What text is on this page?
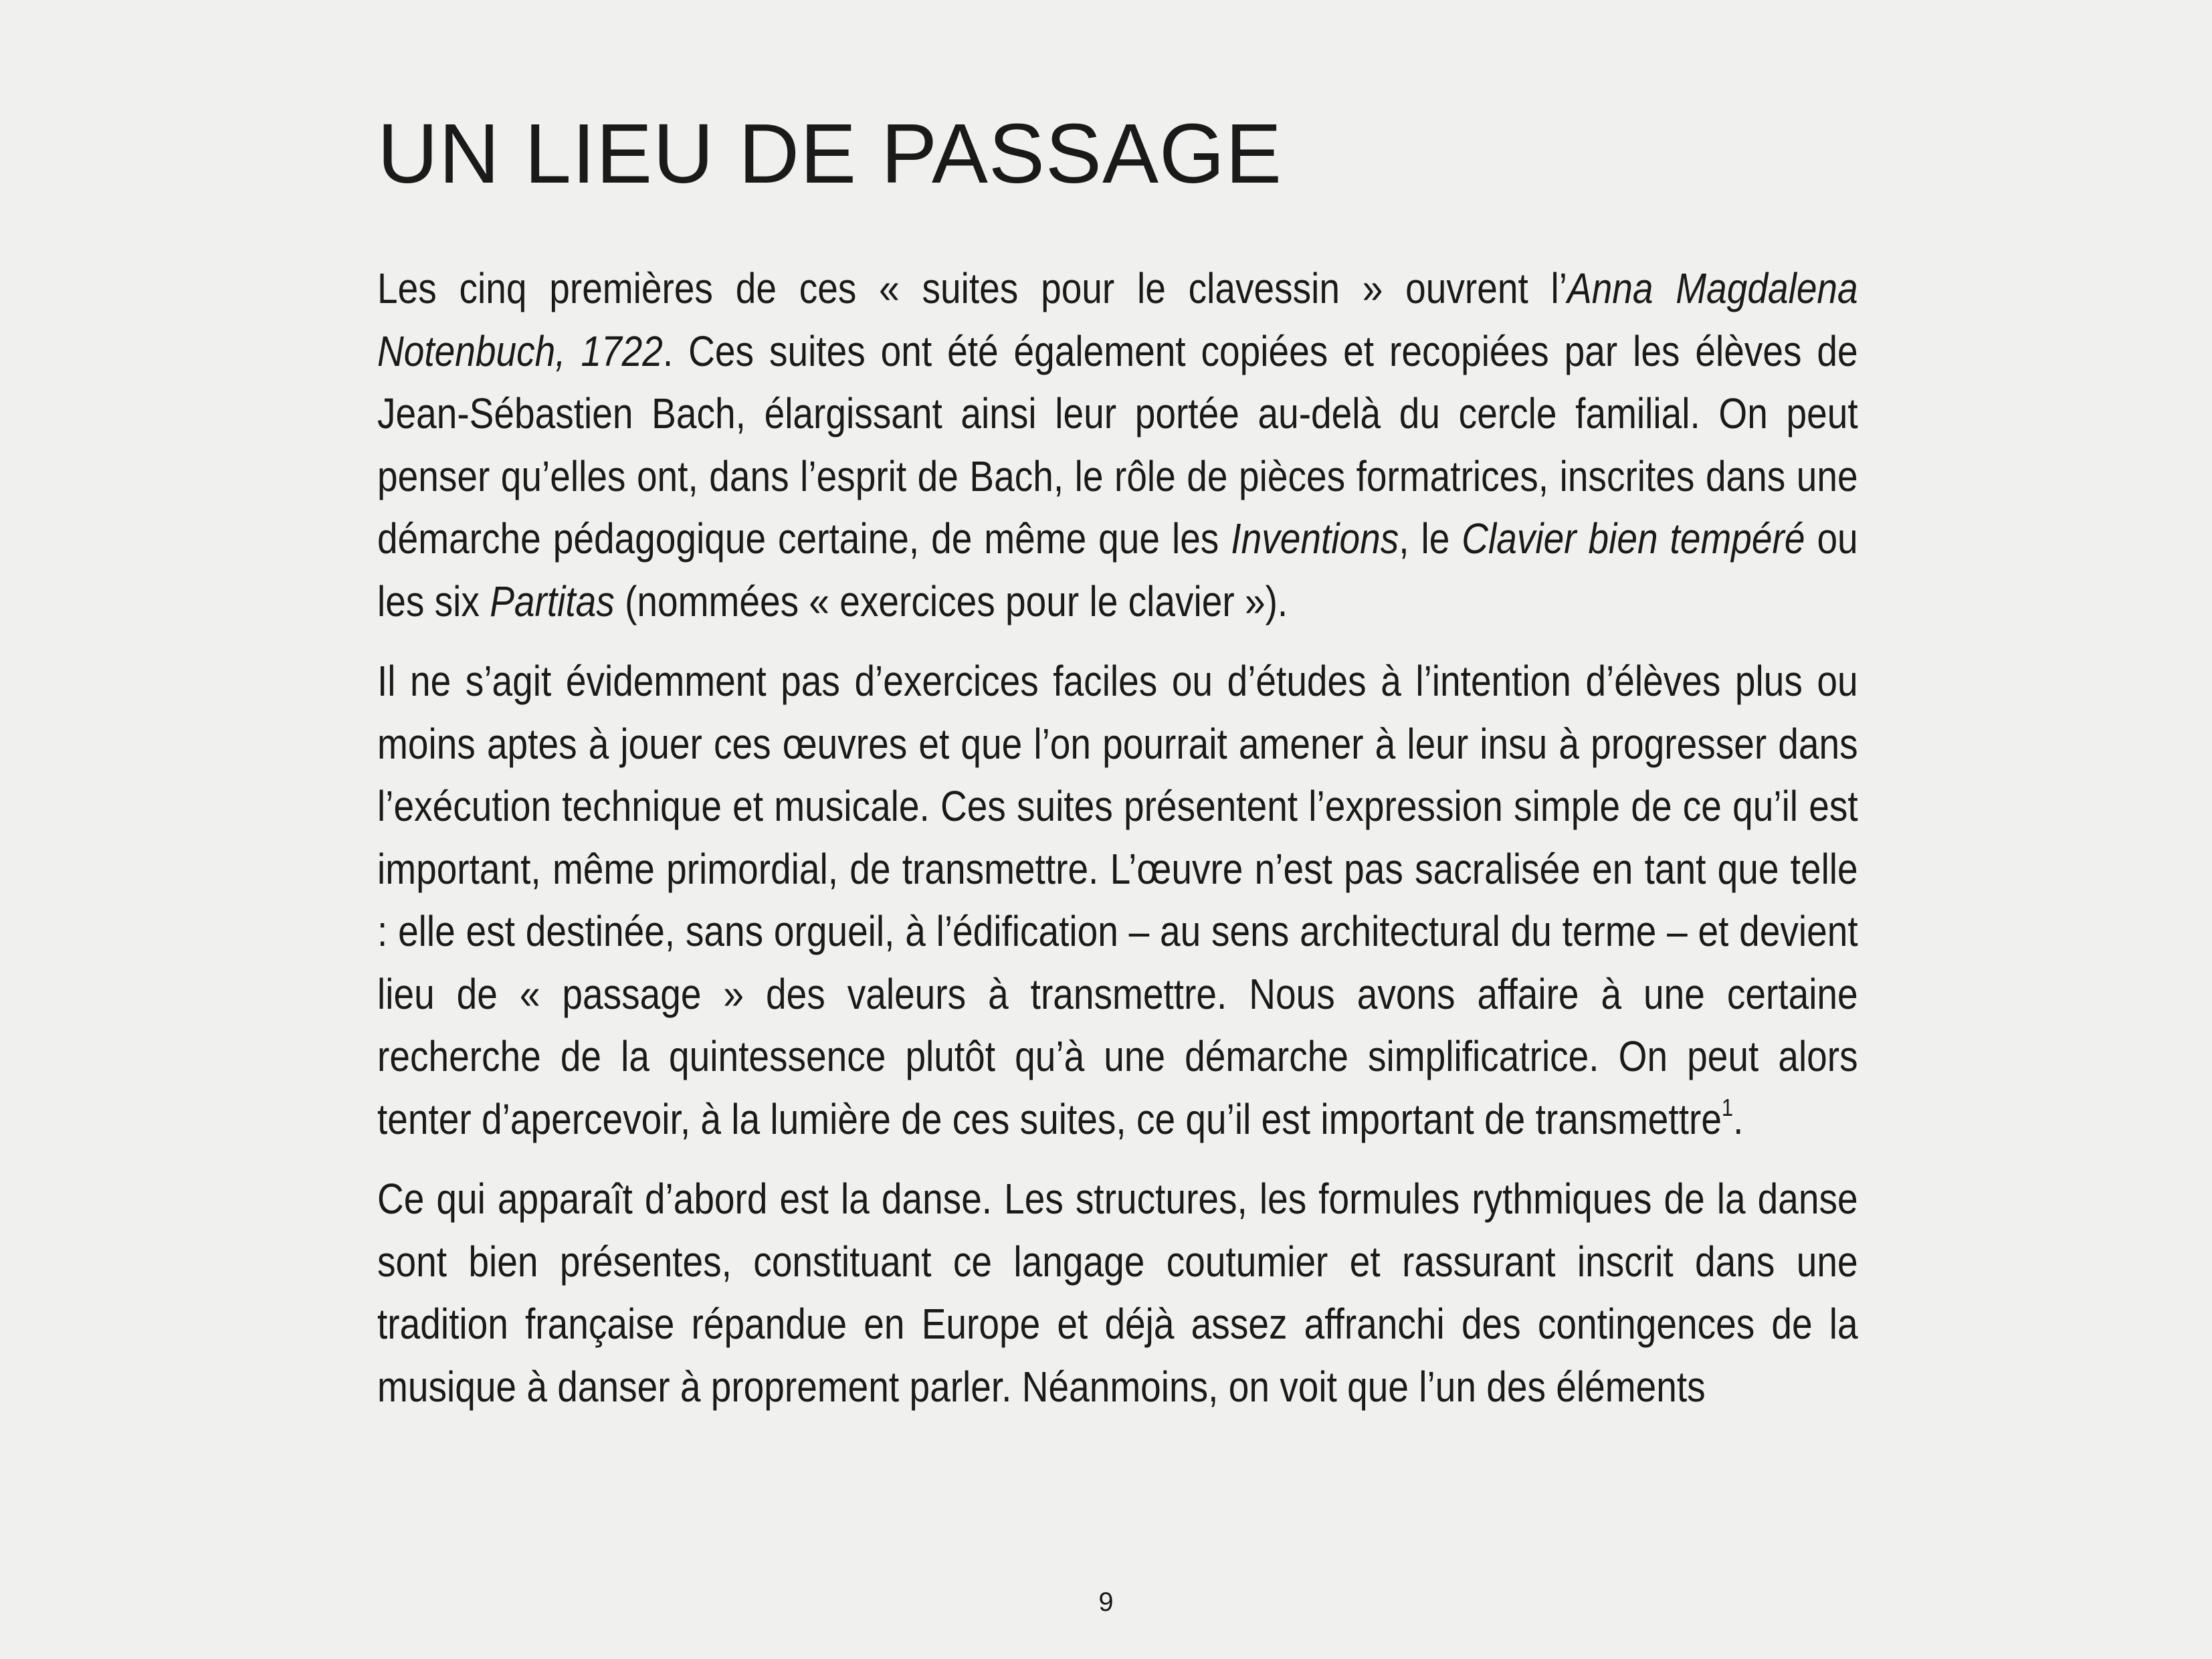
UN LIEU DE PASSAGE

Les cinq premières de ces « suites pour le clavessin » ouvrent l’Anna Magdalena Notenbuch, 1722. Ces suites ont été également copiées et recopiées par les élèves de Jean-Sébastien Bach, élargissant ainsi leur portée au-delà du cercle familial. On peut penser qu’elles ont, dans l’esprit de Bach, le rôle de pièces formatrices, inscrites dans une démarche pédagogique certaine, de même que les Inventions, le Clavier bien tempéré ou les six Partitas (nommées « exercices pour le clavier »).

Il ne s’agit évidemment pas d’exercices faciles ou d’études à l’intention d’élèves plus ou moins aptes à jouer ces œuvres et que l’on pourrait amener à leur insu à progresser dans l’exécution technique et musicale. Ces suites présentent l’expression simple de ce qu’il est important, même primordial, de transmettre. L’œuvre n’est pas sacralisée en tant que telle : elle est destinée, sans orgueil, à l’édification – au sens architectural du terme – et devient lieu de « passage » des valeurs à transmettre. Nous avons affaire à une certaine recherche de la quintessence plutôt qu’à une démarche simplificatrice. On peut alors tenter d’apercevoir, à la lumière de ces suites, ce qu’il est important de transmettre$^1$.

Ce qui apparaît d’abord est la danse. Les structures, les formules rythmiques de la danse sont bien présentes, constituant ce langage coutumier et rassurant inscrit dans une tradition française répandue en Europe et déjà assez affranchi des contingences de la musique à danser à proprement parler. Néanmoins, on voit que l’un des éléments

9
